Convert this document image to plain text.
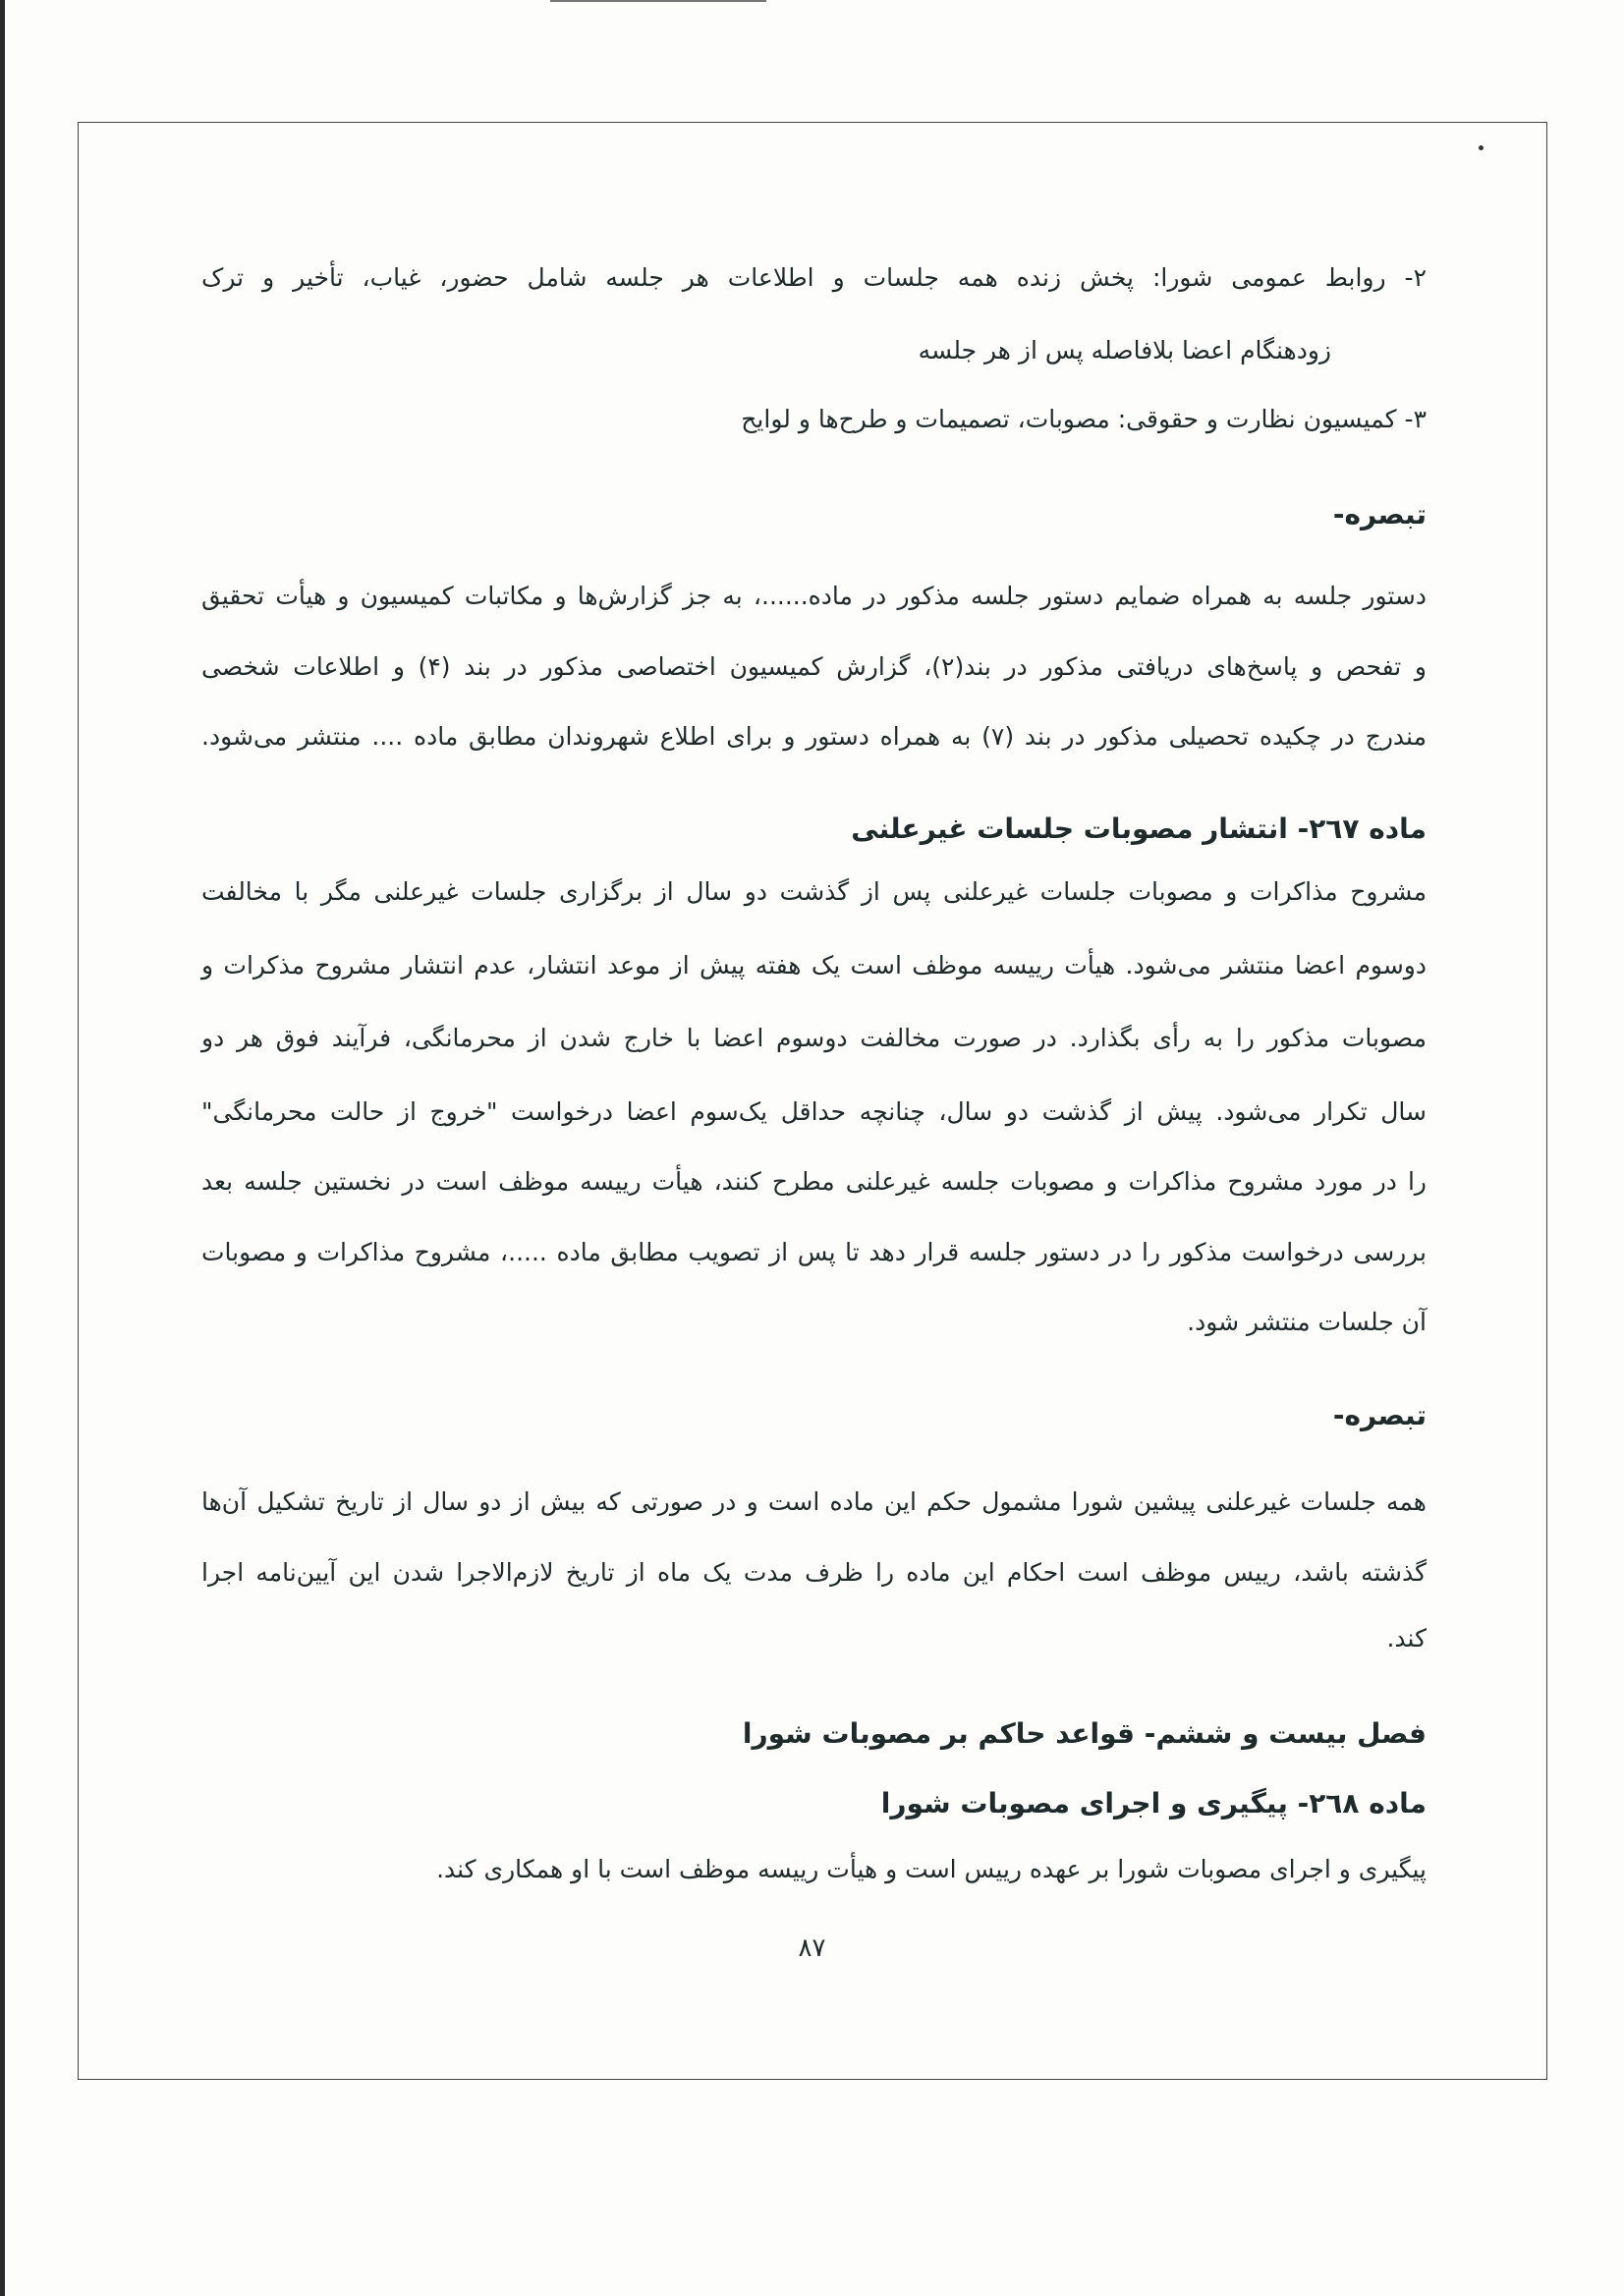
۲- روابط عمومی شورا: پخش زنده همه جلسات و اطلاعات هر جلسه شامل حضور، غیاب، تأخیر و ترک
زودهنگام اعضا بلافاصله پس از هر جلسه
۳- کمیسیون نظارت و حقوقی: مصوبات، تصمیمات و طرح‌ها و لوایح
تبصره-
دستور جلسه به همراه ضمایم دستور جلسه مذکور در ماده......، به جز گزارش‌ها و مکاتبات کمیسیون و هیأت تحقیق
و تفحص و پاسخ‌های دریافتی مذکور در بند(۲)، گزارش کمیسیون اختصاصی مذکور در بند (۴) و اطلاعات شخصی
مندرج در چکیده تحصیلی مذکور در بند (۷) به همراه دستور و برای اطلاع شهروندان مطابق ماده .... منتشر می‌شود.
ماده ۲٦۷- انتشار مصوبات جلسات غیرعلنی
مشروح مذاکرات و مصوبات جلسات غیرعلنی پس از گذشت دو سال از برگزاری جلسات غیرعلنی مگر با مخالفت
دوسوم اعضا منتشر می‌شود. هیأت رییسه موظف است یک هفته پیش از موعد انتشار، عدم انتشار مشروح مذکرات و
مصوبات مذکور را به رأی بگذارد. در صورت مخالفت دوسوم اعضا با خارج شدن از محرمانگی، فرآیند فوق هر دو
سال تکرار می‌شود. پیش از گذشت دو سال، چنانچه حداقل یک‌سوم اعضا درخواست "خروج از حالت محرمانگی"
را در مورد مشروح مذاکرات و مصوبات جلسه غیرعلنی مطرح کنند، هیأت رییسه موظف است در نخستین جلسه بعد
بررسی درخواست مذکور را در دستور جلسه قرار دهد تا پس از تصویب مطابق ماده .....، مشروح مذاکرات و مصوبات
آن جلسات منتشر شود.
تبصره-
همه جلسات غیرعلنی پیشین شورا مشمول حکم این ماده است و در صورتی که بیش از دو سال از تاریخ تشکیل آن‌ها
گذشته باشد، رییس موظف است احکام این ماده را ظرف مدت یک ماه از تاریخ لازم‌الاجرا شدن این آیین‌نامه اجرا
کند.
فصل بیست و ششم- قواعد حاکم بر مصوبات شورا
ماده ۲٦۸- پیگیری و اجرای مصوبات شورا
پیگیری و اجرای مصوبات شورا بر عهده رییس است و هیأت رییسه موظف است با او همکاری کند.
۸۷
